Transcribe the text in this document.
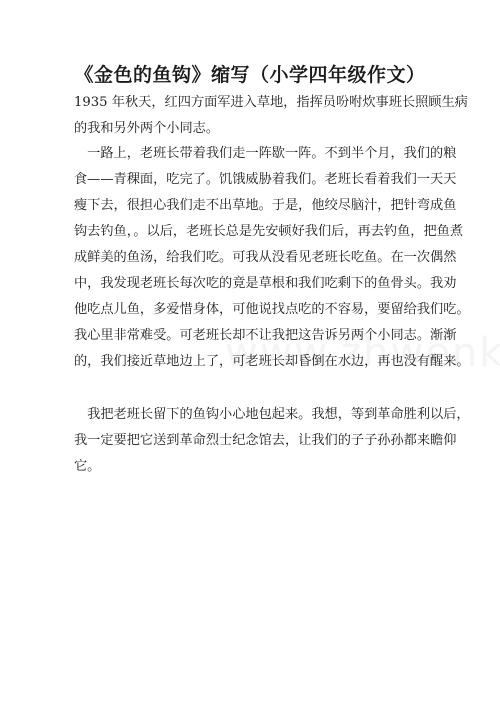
《金色的鱼钩》缩写（小学四年级作文）
1935 年秋天，红四方面军进入草地，指挥员吩咐炊事班长照顾生病
的我和另外两个小同志。
　一路上，老班长带着我们走一阵歇一阵。不到半个月，我们的粮
食——青稞面，吃完了。饥饿威胁着我们。老班长看着我们一天天
瘦下去，很担心我们走不出草地。于是，他绞尽脑汁，把针弯成鱼
钩去钓鱼，。以后，老班长总是先安顿好我们后，再去钓鱼，把鱼煮
成鲜美的鱼汤，给我们吃。可我从没看见老班长吃鱼。在一次偶然
中，我发现老班长每次吃的竟是草根和我们吃剩下的鱼骨头。我劝
他吃点儿鱼，多爱惜身体，可他说找点吃的不容易，要留给我们吃。
我心里非常难受。可老班长却不让我把这告诉另两个小同志。渐渐
的，我们接近草地边上了，可老班长却昏倒在水边，再也没有醒来。
　我把老班长留下的鱼钩小心地包起来。我想，等到革命胜利以后，
我一定要把它送到革命烈士纪念馆去，让我们的子子孙孙都来瞻仰
它。
